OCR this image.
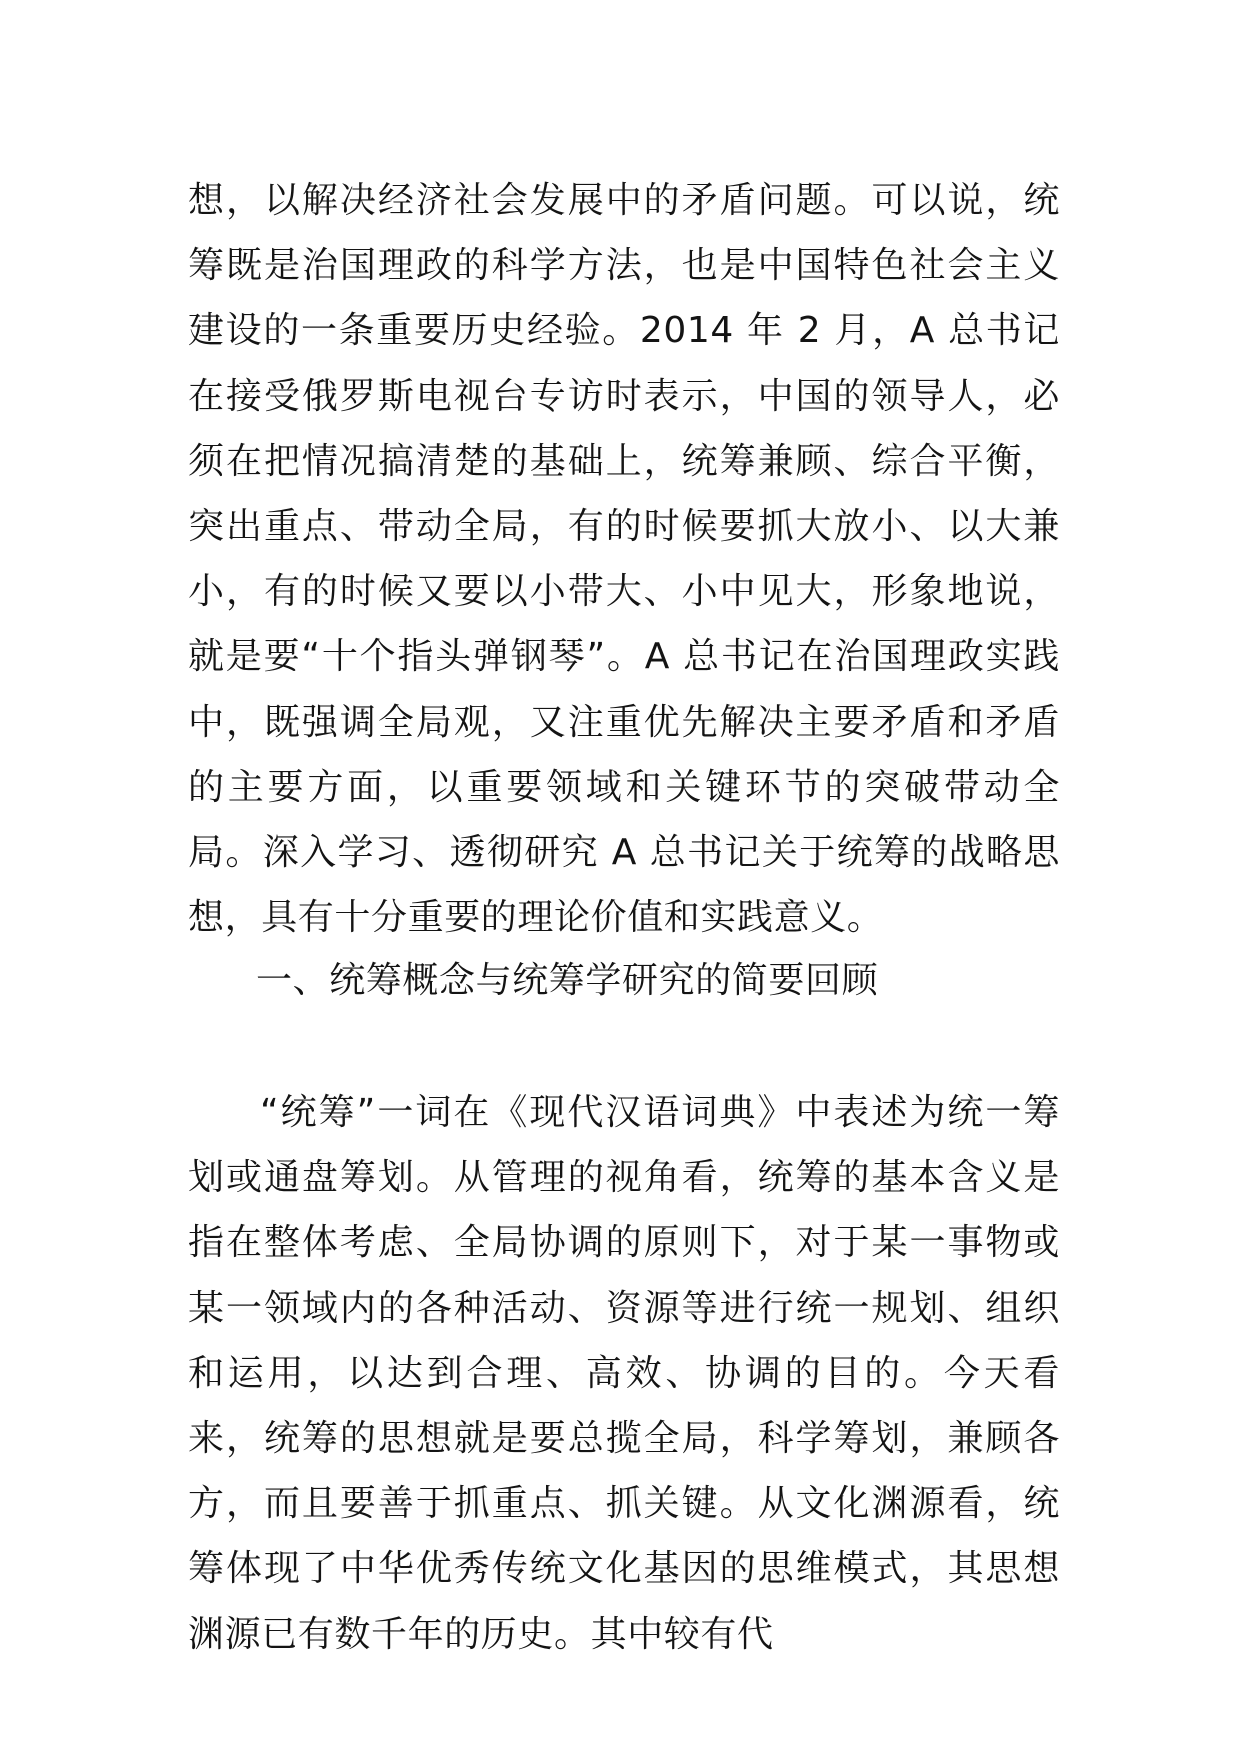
想，以解决经济社会发展中的矛盾问题。可以说，统筹既是治国理政的科学方法，也是中国特色社会主义建设的一条重要历史经验。2014 年 2 月，A 总书记在接受俄罗斯电视台专访时表示，中国的领导人，必须在把情况搞清楚的基础上，统筹兼顾、综合平衡，突出重点、带动全局，有的时候要抓大放小、以大兼小，有的时候又要以小带大、小中见大，形象地说，就是要“十个指头弹钢琴”。A 总书记在治国理政实践中，既强调全局观，又注重优先解决主要矛盾和矛盾的主要方面，以重要领域和关键环节的突破带动全局。深入学习、透彻研究 A 总书记关于统筹的战略思想，具有十分重要的理论价值和实践意义。

一、统筹概念与统筹学研究的简要回顾

“统筹”一词在《现代汉语词典》中表述为统一筹划或通盘筹划。从管理的视角看，统筹的基本含义是指在整体考虑、全局协调的原则下，对于某一事物或某一领域内的各种活动、资源等进行统一规划、组织和运用，以达到合理、高效、协调的目的。今天看来，统筹的思想就是要总揽全局，科学筹划，兼顾各方，而且要善于抓重点、抓关键。从文化渊源看，统筹体现了中华优秀传统文化基因的思维模式，其思想渊源已有数千年的历史。其中较有代
